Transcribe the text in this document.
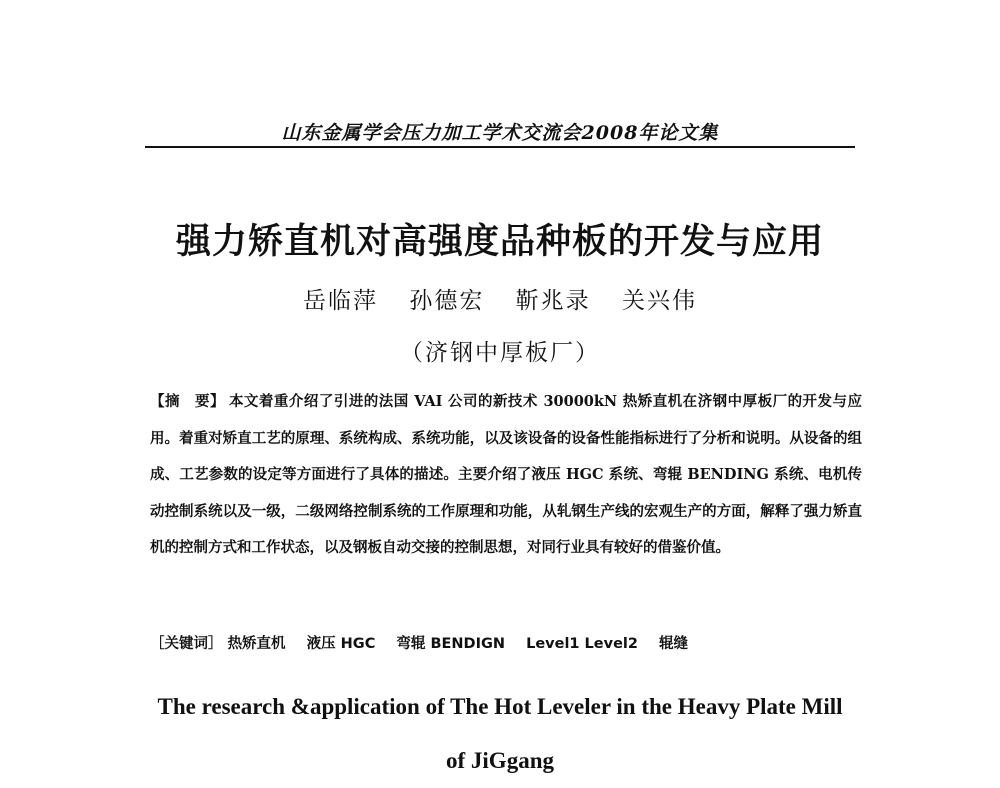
山东金属学会压力加工学术交流会2008年论文集
强力矫直机对高强度品种板的开发与应用
岳临萍 孙德宏 靳兆录 关兴伟
（济钢中厚板厂）
【摘　要】 本文着重介绍了引进的法国 VAI 公司的新技术 30000kN 热矫直机在济钢中厚板厂的开发与应用。着重对矫直工艺的原理、系统构成、系统功能，以及该设备的设备性能指标进行了分析和说明。从设备的组成、工艺参数的设定等方面进行了具体的描述。主要介绍了液压 HGC 系统、弯辊 BENDING 系统、电机传动控制系统以及一级，二级网络控制系统的工作原理和功能，从轧钢生产线的宏观生产的方面，解释了强力矫直机的控制方式和工作状态，以及钢板自动交接的控制思想，对同行业具有较好的借鉴价值。
［关键词］ 热矫直机 液压 HGC 弯辊 BENDIGN Level1 Level2 辊缝
The research &application of The Hot Leveler in the Heavy Plate Mill
of JiGgang
